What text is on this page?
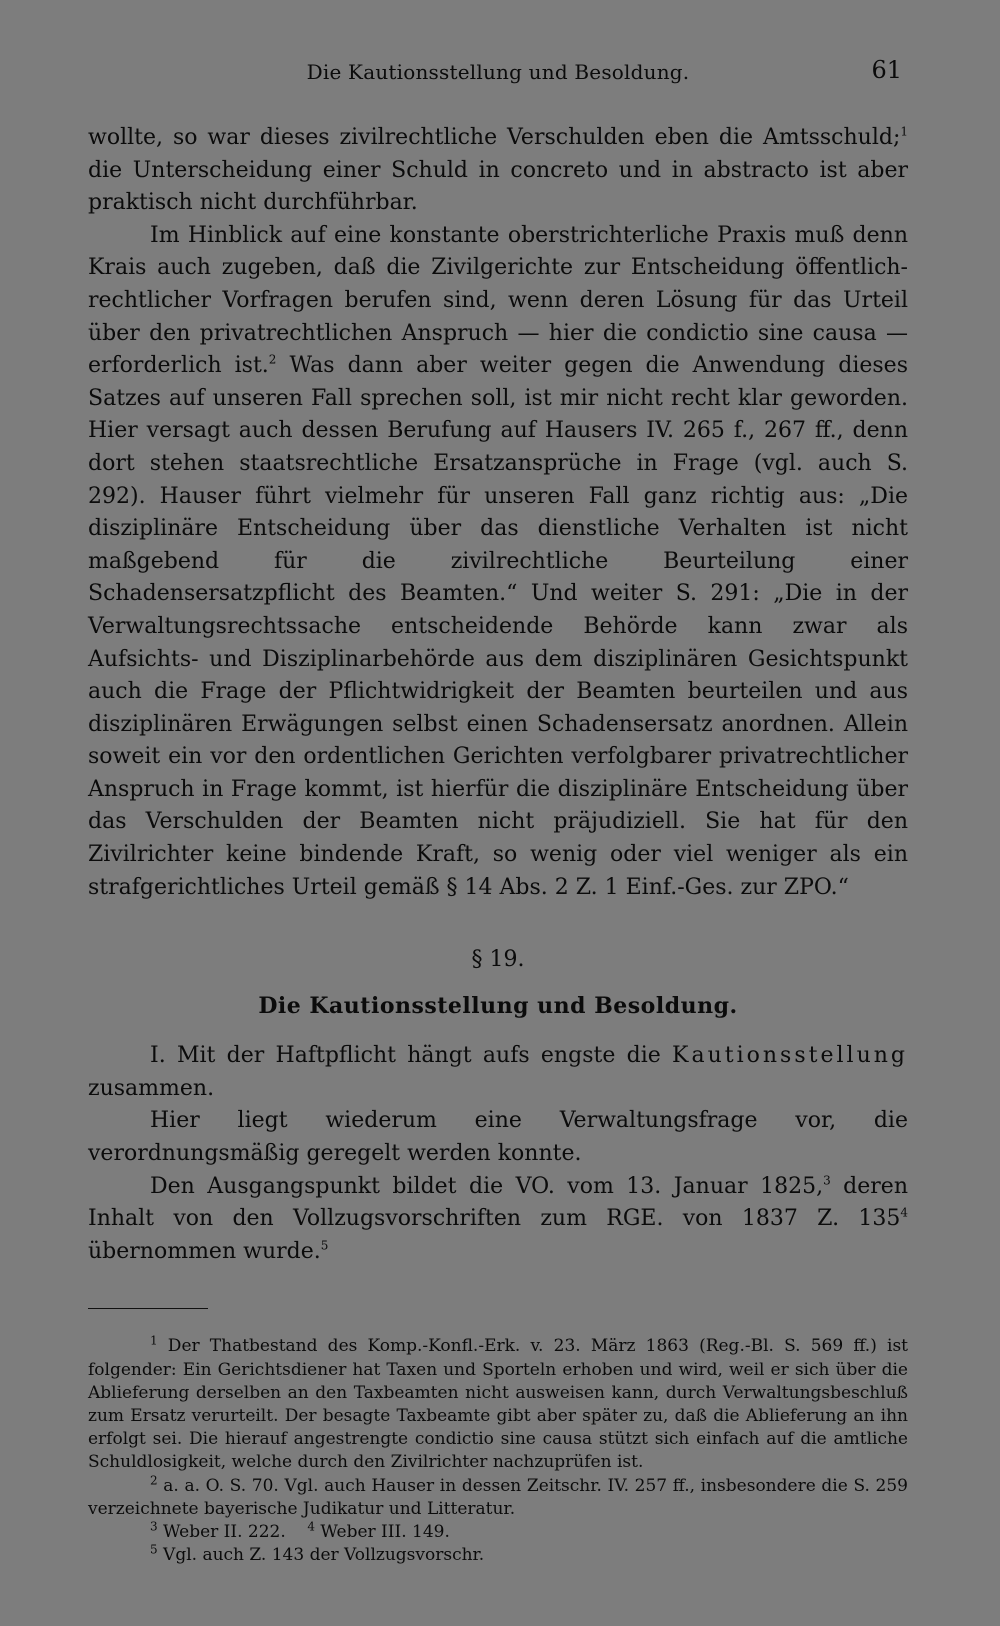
Die Kautionsstellung und Besoldung.	61

wollte, so war dieses zivilrechtliche Verschulden eben die Amtsschuld;$^1$ die Unterscheidung einer Schuld in concreto und in abstracto ist aber praktisch nicht durchführbar.

Im Hinblick auf eine konstante oberstrichterliche Praxis muß denn Krais auch zugeben, daß die Zivilgerichte zur Entscheidung öffentlich-rechtlicher Vorfragen berufen sind, wenn deren Lösung für das Urteil über den privatrechtlichen Anspruch — hier die condictio sine causa — erforderlich ist.$^2$ Was dann aber weiter gegen die Anwendung dieses Satzes auf unseren Fall sprechen soll, ist mir nicht recht klar geworden. Hier versagt auch dessen Berufung auf Hausers IV. 265 f., 267 ff., denn dort stehen staatsrechtliche Ersatzansprüche in Frage (vgl. auch S. 292). Hauser führt vielmehr für unseren Fall ganz richtig aus: „Die disziplinäre Entscheidung über das dienstliche Verhalten ist nicht maßgebend für die zivilrechtliche Beurteilung einer Schadensersatzpflicht des Beamten.“ Und weiter S. 291: „Die in der Verwaltungsrechtssache entscheidende Behörde kann zwar als Aufsichts- und Disziplinarbehörde aus dem disziplinären Gesichtspunkt auch die Frage der Pflichtwidrigkeit der Beamten beurteilen und aus disziplinären Erwägungen selbst einen Schadensersatz anordnen. Allein soweit ein vor den ordentlichen Gerichten verfolgbarer privatrechtlicher Anspruch in Frage kommt, ist hierfür die disziplinäre Entscheidung über das Verschulden der Beamten nicht präjudiziell. Sie hat für den Zivilrichter keine bindende Kraft, so wenig oder viel weniger als ein strafgerichtliches Urteil gemäß § 14 Abs. 2 Z. 1 Einf.-Ges. zur ZPO.“

§ 19.
Die Kautionsstellung und Besoldung.

I. Mit der Haftpflicht hängt aufs engste die Kautionsstellung zusammen.

Hier liegt wiederum eine Verwaltungsfrage vor, die verordnungsmäßig geregelt werden konnte.

Den Ausgangspunkt bildet die VO. vom 13. Januar 1825,$^3$ deren Inhalt von den Vollzugsvorschriften zum RGE. von 1837 Z. $135^4$ übernommen wurde.$^5$

$^1$ Der Thatbestand des Komp.-Konfl.-Erk. v. 23. März 1863 (Reg.-Bl. S. 569 ff.) ist folgender: Ein Gerichtsdiener hat Taxen und Sporteln erhoben und wird, weil er sich über die Ablieferung derselben an den Taxbeamten nicht ausweisen kann, durch Verwaltungsbeschluß zum Ersatz verurteilt. Der besagte Taxbeamte gibt aber später zu, daß die Ablieferung an ihn erfolgt sei. Die hierauf angestrengte condictio sine causa stützt sich einfach auf die amtliche Schuldlosigkeit, welche durch den Zivilrichter nachzuprüfen ist.

$^2$ a. a. O. S. 70. Vgl. auch Hauser in dessen Zeitschr. IV. 257 ff., insbesondere die S. 259 verzeichnete bayerische Judikatur und Litteratur.

$^3$ Weber II. 222. $^4$ Weber III. 149.

$^5$ Vgl. auch Z. 143 der Vollzugsvorschr.
